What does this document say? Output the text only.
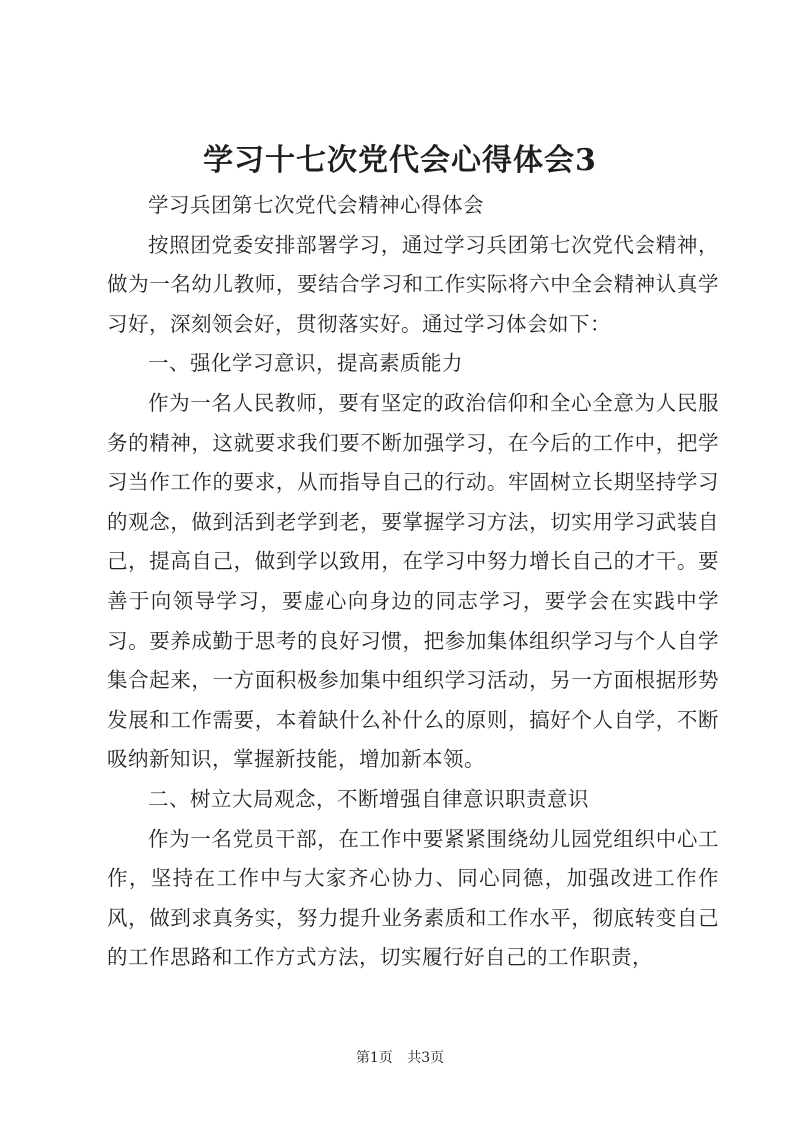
学习十七次党代会心得体会3

学习兵团第七次党代会精神心得体会

按照团党委安排部署学习，通过学习兵团第七次党代会精神，做为一名幼儿教师，要结合学习和工作实际将六中全会精神认真学习好，深刻领会好，贯彻落实好。通过学习体会如下：

一、强化学习意识，提高素质能力

作为一名人民教师，要有坚定的政治信仰和全心全意为人民服务的精神，这就要求我们要不断加强学习，在今后的工作中，把学习当作工作的要求，从而指导自己的行动。牢固树立长期坚持学习的观念，做到活到老学到老，要掌握学习方法，切实用学习武装自己，提高自己，做到学以致用，在学习中努力增长自己的才干。要善于向领导学习，要虚心向身边的同志学习，要学会在实践中学习。要养成勤于思考的良好习惯，把参加集体组织学习与个人自学集合起来，一方面积极参加集中组织学习活动，另一方面根据形势发展和工作需要，本着缺什么补什么的原则，搞好个人自学，不断吸纳新知识，掌握新技能，增加新本领。

二、树立大局观念，不断增强自律意识职责意识

作为一名党员干部，在工作中要紧紧围绕幼儿园党组织中心工作，坚持在工作中与大家齐心协力、同心同德，加强改进工作作风，做到求真务实，努力提升业务素质和工作水平，彻底转变自己的工作思路和工作方式方法，切实履行好自己的工作职责，

第1页 共3页
